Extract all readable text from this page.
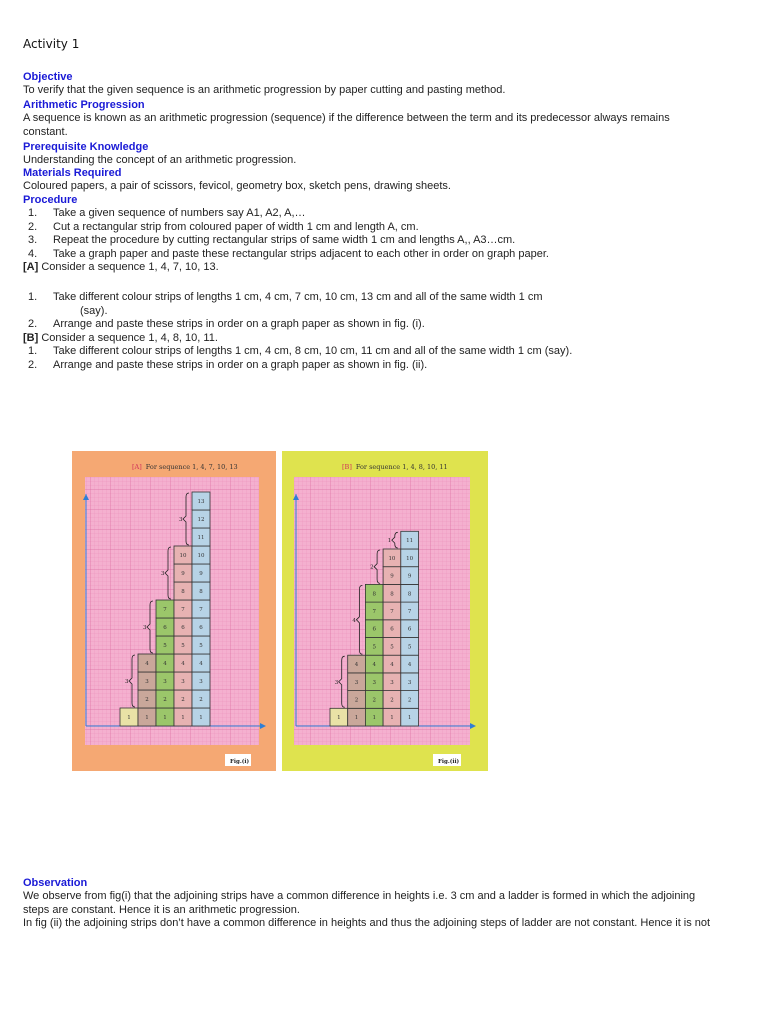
Activity 1
Objective
To verify that the given sequence is an arithmetic progression by paper cutting and pasting method.
Arithmetic Progression
A sequence is known as an arithmetic progression (sequence) if the difference between the term and its predecessor always remains
constant.
Prerequisite Knowledge
Understanding the concept of an arithmetic progression.
Materials Required
Coloured papers, a pair of scissors, fevicol, geometry box, sketch pens, drawing sheets.
Procedure
1. Take a given sequence of numbers say A1, A2, A,…
2. Cut a rectangular strip from coloured paper of width 1 cm and length A, cm.
3. Repeat the procedure by cutting rectangular strips of same width 1 cm and lengths A,, A3…cm.
4. Take a graph paper and paste these rectangular strips adjacent to each other in order on graph paper.
[A] Consider a sequence 1, 4, 7, 10, 13.
1. Take different colour strips of lengths 1 cm, 4 cm, 7 cm, 10 cm, 13 cm and all of the same width 1 cm
(say).
2. Arrange and paste these strips in order on a graph paper as shown in fig. (i).
[B] Consider a sequence 1, 4, 8, 10, 11.
1. Take different colour strips of lengths 1 cm, 4 cm, 8 cm, 10 cm, 11 cm and all of the same width 1 cm (say).
2. Arrange and paste these strips in order on a graph paper as shown in fig. (ii).
[A] For sequence 1, 4, 7, 10, 13
Fig.(i)
1	1
2
3
4
3
1
2
3
4
5
6
7
3
1
2
3
4
5
6
7
8
9
10
3
1
2
3
4
5
6
7
8
9
10
11
12
13
3
[B] For sequence 1, 4, 8, 10, 11
Fig.(ii)
1	1
2
3
4
3
1
2
3
4
5
6
7
8
4
1
2
3
4
5
6
7
8
9
10
2
1
2
3
4
5
6
7
8
9
10
11
1
Observation
We observe from fig(i) that the adjoining strips have a common difference in heights i.e. 3 cm and a ladder is formed in which the adjoining
steps are constant. Hence it is an arithmetic progression.
In fig (ii) the adjoining strips don’t have a common difference in heights and thus the adjoining steps of ladder are not constant. Hence it is not
